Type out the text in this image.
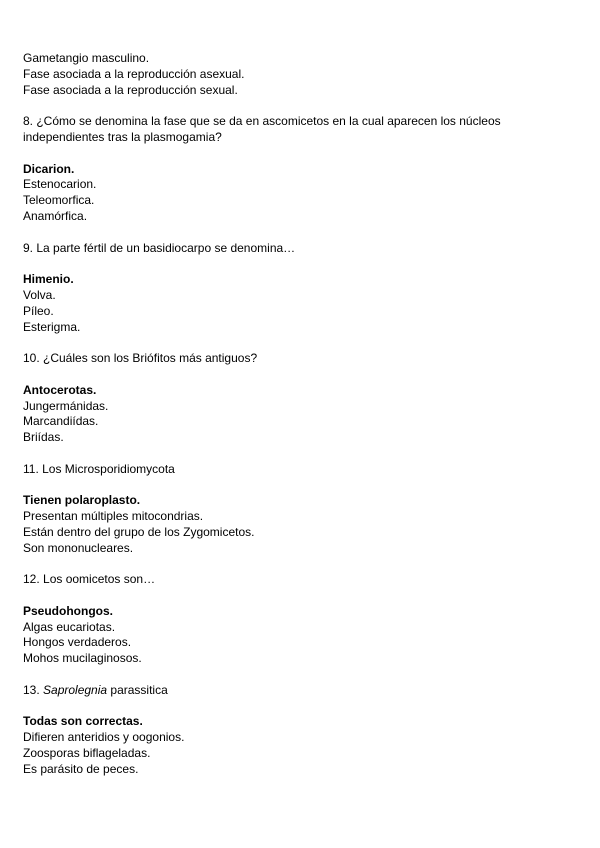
Gametangio masculino.
Fase asociada a la reproducción asexual.
Fase asociada a la reproducción sexual.
8. ¿Cómo se denomina la fase que se da en ascomicetos en la cual aparecen los núcleos independientes tras la plasmogamia?
Dicarion.
Estenocarion.
Teleomorfica.
Anamórfica.
9. La parte fértil de un basidiocarpo se denomina…
Himenio.
Volva.
Píleo.
Esterigma.
10. ¿Cuáles son los Briófitos más antiguos?
Antocerotas.
Jungermánidas.
Marcandiídas.
Briídas.
11. Los Microsporidiomycota
Tienen polaroplasto.
Presentan múltiples mitocondrias.
Están dentro del grupo de los Zygomicetos.
Son mononucleares.
12. Los oomicetos son…
Pseudohongos.
Algas eucariotas.
Hongos verdaderos.
Mohos mucilaginosos.
13. Saprolegnia parassitica
Todas son correctas.
Difieren anteridios y oogonios.
Zoosporas biflageladas.
Es parásito de peces.
